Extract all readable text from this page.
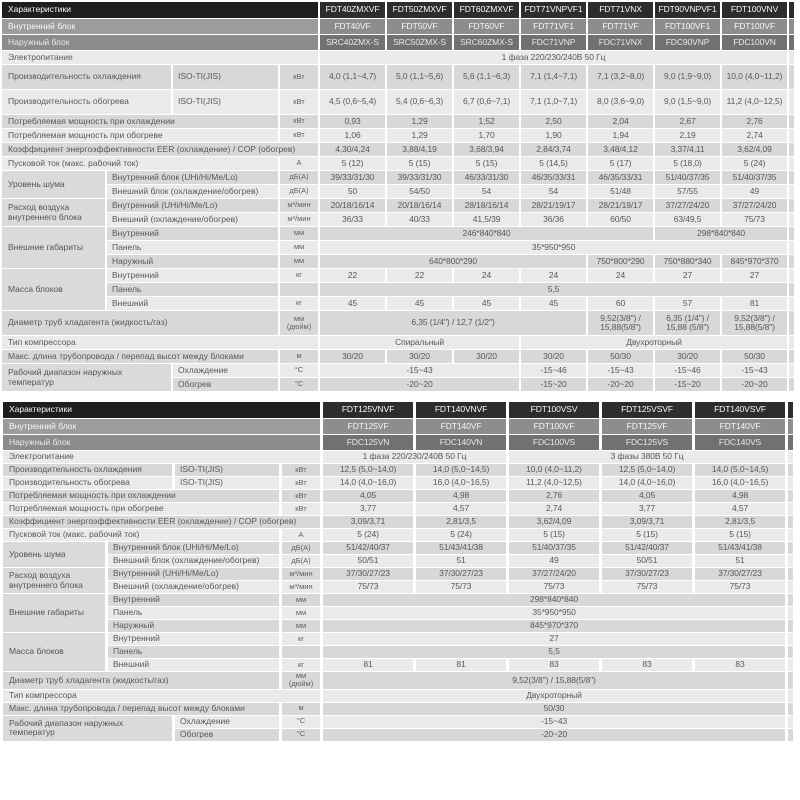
Характеристики				FDT40ZMXVF	FDT50ZMXVF	FDT60ZMXVF	FDT71VNPVF1	FDT71VNX	FDT90VNPVF1	FDT100VNV	
Внутренний блок				FDT40VF	FDT50VF	FDT60VF	FDT71VF1	FDT71VF	FDT100VF1	FDT100VF	
Наружный блок				SRC40ZMX-S	SRC50ZMX-S	SRC60ZMX-S	FDC71VNP	FDC71VNX	FDC90VNP	FDC100VN	
Электропитание				1 фаза 220/230/240В 50 Гц							
Производительность охлаждения		ISO-TI(JIS)	кВт	4,0 (1,1~4,7)	5,0 (1,1~5,6)	5,6 (1,1~6,3)	7,1 (1,4~7,1)	7,1 (3,2~8,0)	9,0 (1,9~9,0)	10,0 (4,0~11,2)	
Производительность обогрева		ISO-TI(JIS)	кВт	4,5 (0,6~5,4)	5,4 (0,6~6,3)	6,7 (0,6~7,1)	7,1 (1,0~7,1)	8,0 (3,6~9,0)	9,0 (1,5~9,0)	11,2 (4,0~12,5)	
Потребляемая мощность при охлаждении			кВт	0,93	1,29	1,52	2,50	2,04	2,67	2,76	
Потребляемая мощность при обогреве			кВт	1,06	1,29	1,70	1,90	1,94	2,19	2,74	
Коэффициент энергоэффективности EER (охлаждение) / COP (обогрев)				4,30/4,24	3,88/4,19	3,68/3,94	2,84/3,74	3,48/4,12	3,37/4,11	3,62/4,09	
Пусковой ток (макс. рабочий ток)			А	5 (12)	5 (15)	5 (15)	5 (14,5)	5 (17)	5 (18,0)	5 (24)	
Уровень шума	Внутренний блок (UHi/Hi/Me/Lo)		дБ(А)	39/33/31/30	39/33/31/30	46/33/31/30	46/35/33/31	46/35/33/31	51/40/37/35	51/40/37/35	
	Внешний блок (охлаждение/обогрев)		дБ(А)	50	54/50	54	54	51/48	57/55	49	
Расход воздуха внутреннего блока	Внутренний (UHi/Hi/Me/Lo)		м³/мин	20/18/16/14	20/18/16/14	28/18/16/14	28/21/19/17	28/21/19/17	37/27/24/20	37/27/24/20	
	Внешний (охлаждение/обогрев)		м³/мин	36/33	40/33	41,5/39	36/36	60/50	63/49,5	75/73	
Внешние габариты	Внутренний		мм	246*840*840					298*840*840		
	Панель		мм	35*950*950							
	Наружный		мм	640*800*290				750*800*290	750*880*340	845*970*370	
Масса блоков	Внутренний		кг	22	22	24	24	24	27	27	
	Панель			5,5							
	Внешний		кг	45	45	45	45	60	57	81	
Диаметр труб хладагента (жидкость/газ)			мм (дюйм)	6,35 (1/4") / 12,7 (1/2")				9,52(3/8") / 15,88(5/8")	6,35 (1/4") / 15,88 (5/8")	9,52(3/8") / 15,88(5/8")	
Тип компрессора				Спиральный			Двухроторный				
Макс. длина трубопровода / перепад высот между блоками			м	30/20	30/20	30/20	30/20	50/30	30/20	50/30	
Рабочий диапазон наружных температур		Охлаждение	°С	-15~43			-15~46	-15~43	-15~46	-15~43	
		Обогрев	°С	-20~20			-15~20	-20~20	-15~20	-20~20	
Характеристики				FDT125VNVF	FDT140VNVF	FDT100VSV	FDT125VSVF	FDT140VSVF	
Внутренний блок				FDT125VF	FDT140VF	FDT100VF	FDT125VF	FDT140VF	
Наружный блок				FDC125VN	FDC140VN	FDC100VS	FDC125VS	FDC140VS	
Электропитание				1 фаза 220/230/240В 50 Гц		3 фазы 380В 50 Гц			
Производительность охлаждения		ISO-TI(JIS)	кВт	12,5 (5,0~14,0)	14,0 (5,0~14,5)	10,0 (4,0~11,2)	12,5 (5,0~14,0)	14,0 (5,0~14,5)	
Производительность обогрева		ISO-TI(JIS)	кВт	14,0 (4,0~16,0)	16,0 (4,0~16,5)	11,2 (4,0~12,5)	14,0 (4,0~16,0)	16,0 (4,0~16,5)	
Потребляемая мощность при охлаждении			кВт	4,05	4,98	2,76	4,05	4,98	
Потребляемая мощность при обогреве			кВт	3,77	4,57	2,74	3,77	4,57	
Коэффициент энергоэффективности EER (охлаждение) / COP (обогрев)				3,09/3,71	2,81/3,5	3,62/4,09	3,09/3,71	2,81/3,5	
Пусковой ток (макс. рабочий ток)			А	5 (24)	5 (24)	5 (15)	5 (15)	5 (15)	
Уровень шума	Внутренний блок (UHi/Hi/Me/Lo)		дБ(А)	51/42/40/37	51/43/41/38	51/40/37/35	51/42/40/37	51/43/41/38	
	Внешний блок (охлаждение/обогрев)		дБ(А)	50/51	51	49	50/51	51	
Расход воздуха внутреннего блока	Внутренний (UHi/Hi/Me/Lo)		м³/мин	37/30/27/23	37/30/27/23	37/27/24/20	37/30/27/23	37/30/27/23	
	Внешний (охлаждение/обогрев)		м³/мин	75/73	75/73	75/73	75/73	75/73	
Внешние габариты	Внутренний		мм	298*840*840					
	Панель		мм	35*950*950					
	Наружный		мм	845*970*370					
Масса блоков	Внутренний		кг	27					
	Панель			5,5					
	Внешний		кг	81	81	83	83	83	
Диаметр труб хладагента (жидкость/газ)			мм (дюйм)	9,52(3/8") / 15,88(5/8")					
Тип компрессора				Двухроторный					
Макс. длина трубопровода / перепад высот между блоками			м	50/30					
Рабочий диапазон наружных температур		Охлаждение	°С	-15~43					
		Обогрев	°С	-20~20					
